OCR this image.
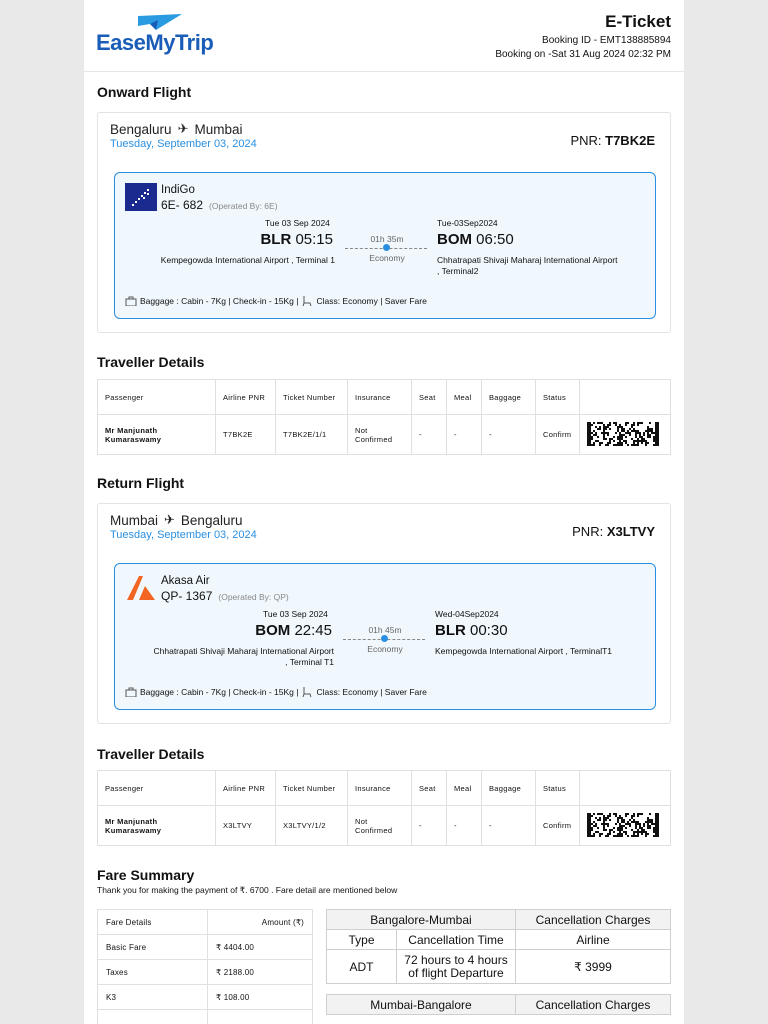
EaseMyTrip
E-Ticket
Booking ID - EMT138885894
Booking on -Sat 31 Aug 2024 02:32 PM
Onward Flight
Bengaluru ✈ Mumbai
Tuesday, September 03, 2024	PNR: T7BK2E
IndiGo
6E- 682 (Operated By: 6E)
Tue 03 Sep 2024
BLR 05:15
Kempegowda International Airport , Terminal 1
01h 35m
Economy
Tue-03Sep2024
BOM 06:50
Chhatrapati Shivaji Maharaj International Airport
, Terminal2
Baggage : Cabin - 7Kg | Check-in - 15Kg | Class: Economy | Saver Fare
Traveller Details
Passenger	Airline PNR	Ticket Number	Insurance	Seat	Meal	Baggage	Status	
Mr Manjunath Kumaraswamy	T7BK2E	T7BK2E/1/1	Not Confirmed	-	-	-	Confirm	
Return Flight
Mumbai ✈ Bengaluru
Tuesday, September 03, 2024	PNR: X3LTVY
Akasa Air
QP- 1367 (Operated By: QP)
Tue 03 Sep 2024
BOM 22:45
Chhatrapati Shivaji Maharaj International Airport
, Terminal T1
01h 45m
Economy
Wed-04Sep2024
BLR 00:30
Kempegowda International Airport , TerminalT1
Baggage : Cabin - 7Kg | Check-in - 15Kg | Class: Economy | Saver Fare
Traveller Details
Passenger	Airline PNR	Ticket Number	Insurance	Seat	Meal	Baggage	Status	
Mr Manjunath Kumaraswamy	X3LTVY	X3LTVY/1/2	Not Confirmed	-	-	-	Confirm	
Fare Summary
Thank you for making the payment of ₹. 6700 . Fare detail are mentioned below
Fare Details	Amount (₹)
Basic Fare	₹ 4404.00
Taxes	₹ 2188.00
K3	₹ 108.00

Bangalore-Mumbai		Cancellation Charges
Type	Cancellation Time	Airline
ADT	72 hours to 4 hours of flight Departure	₹ 3999
Mumbai-Bangalore	Cancellation Charges
